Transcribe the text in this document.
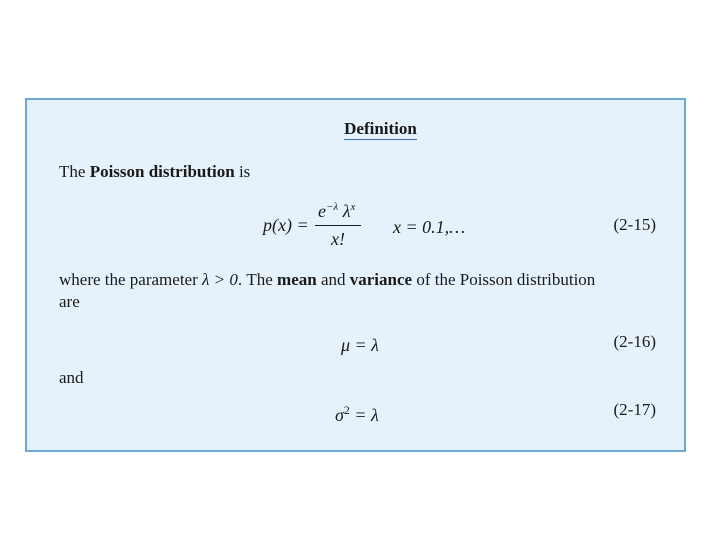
Definition
The Poisson distribution is
p(x) =
$e^{-\lambda}$ $\lambda^x$
x!
x = 0.1,…	(2-15)
where the parameter λ > 0. The mean and variance of the Poisson distribution
are
μ = λ	(2-16)
and
$\sigma^2 = \lambda$	(2-17)
